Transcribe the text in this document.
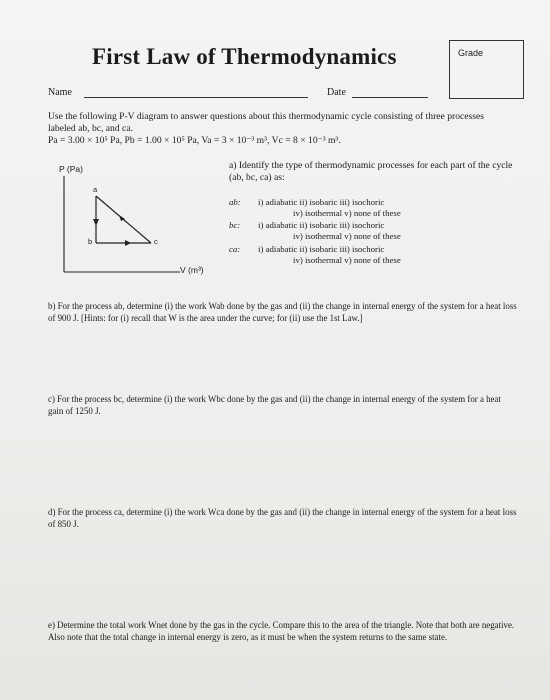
First Law of Thermodynamics	Grade
Name	Date
Use the following P-V diagram to answer questions about this thermodynamic cycle consisting of three processes labeled ab, bc, and ca.
Pa = 3.00 × 10⁵ Pa, Pb = 1.00 × 10⁵ Pa, Va = 3 × 10⁻³ m³, Vc = 8 × 10⁻³ m³.
P (Pa)
V (m³)
a
b	c
a) Identify the type of thermodynamic processes for each part of the cycle (ab, bc, ca) as:
ab: i) adiabatic ii) isobaric iii) isochoric
iv) isothermal v) none of these
bc: i) adiabatic ii) isobaric iii) isochoric
iv) isothermal v) none of these
ca: i) adiabatic ii) isobaric iii) isochoric
iv) isothermal v) none of these
b) For the process ab, determine (i) the work Wab done by the gas and (ii) the change in internal energy of the system for a heat loss of 900 J. [Hints: for (i) recall that W is the area under the curve; for (ii) use the 1st Law.]
c) For the process bc, determine (i) the work Wbc done by the gas and (ii) the change in internal energy of the system for a heat gain of 1250 J.
d) For the process ca, determine (i) the work Wca done by the gas and (ii) the change in internal energy of the system for a heat loss of 850 J.
e) Determine the total work Wnet done by the gas in the cycle. Compare this to the area of the triangle. Note that both are negative. Also note that the total change in internal energy is zero, as it must be when the system returns to the same state.
